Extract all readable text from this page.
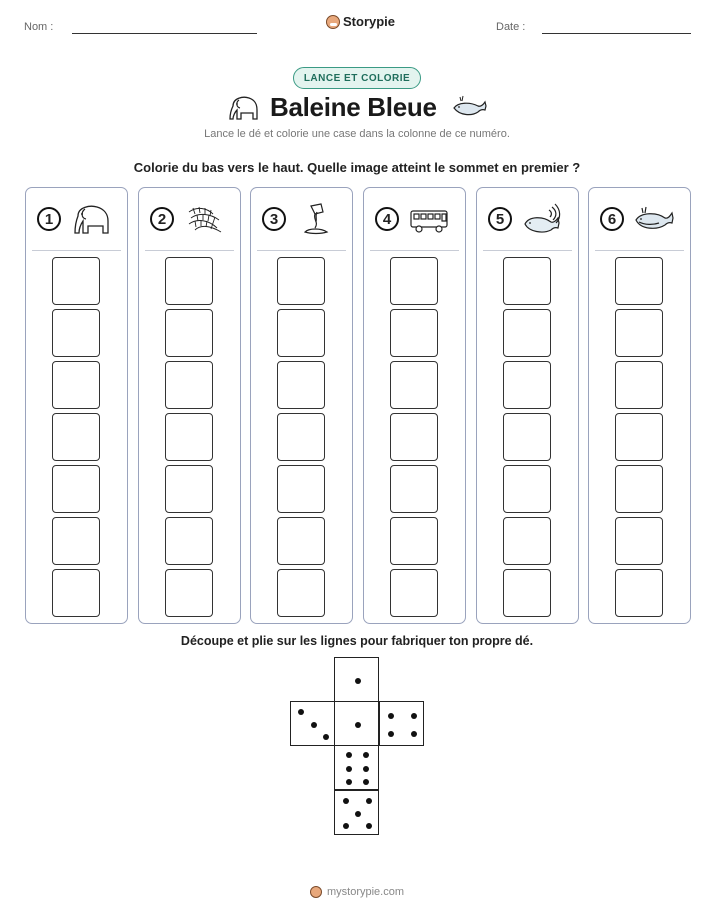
Nom :	Storypie	Date :
LANCE ET COLORIE
Baleine Bleue
Lance le dé et colorie une case dans la colonne de ce numéro.
Colorie du bas vers le haut. Quelle image atteint le sommet en premier ?
1	2	3	4	5	6
Découpe et plie sur les lignes pour fabriquer ton propre dé.
mystorypie.com
